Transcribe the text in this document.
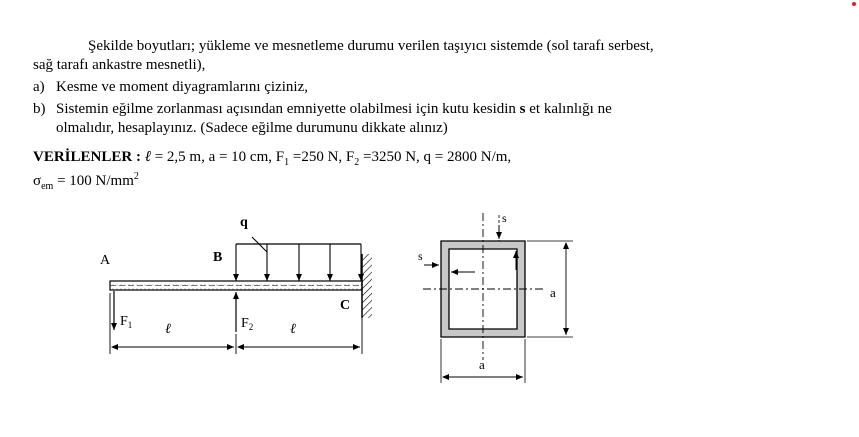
Şekilde boyutları; yükleme ve mesnetleme durumu verilen taşıyıcı sistemde (sol tarafı serbest,
sağ tarafı ankastre mesnetli),
a) Kesme ve moment diyagramlarını çiziniz,
b) Sistemin eğilme zorlanması açısından emniyette olabilmesi için kutu kesidin s et kalınlığı ne
olmalıdır, hesaplayınız. (Sadece eğilme durumunu dikkate alınız)
VERİLENLER : ℓ = 2,5 m, a = 10 cm, $F_1 =250$ N, $F_2 =3250$ N, q = 2800 N/m,
$\sigma_{em} = 100$ $N/mm^2$
q
A	B
C
$F_1$	$F_2$
ℓ	ℓ
s
s
a
a
